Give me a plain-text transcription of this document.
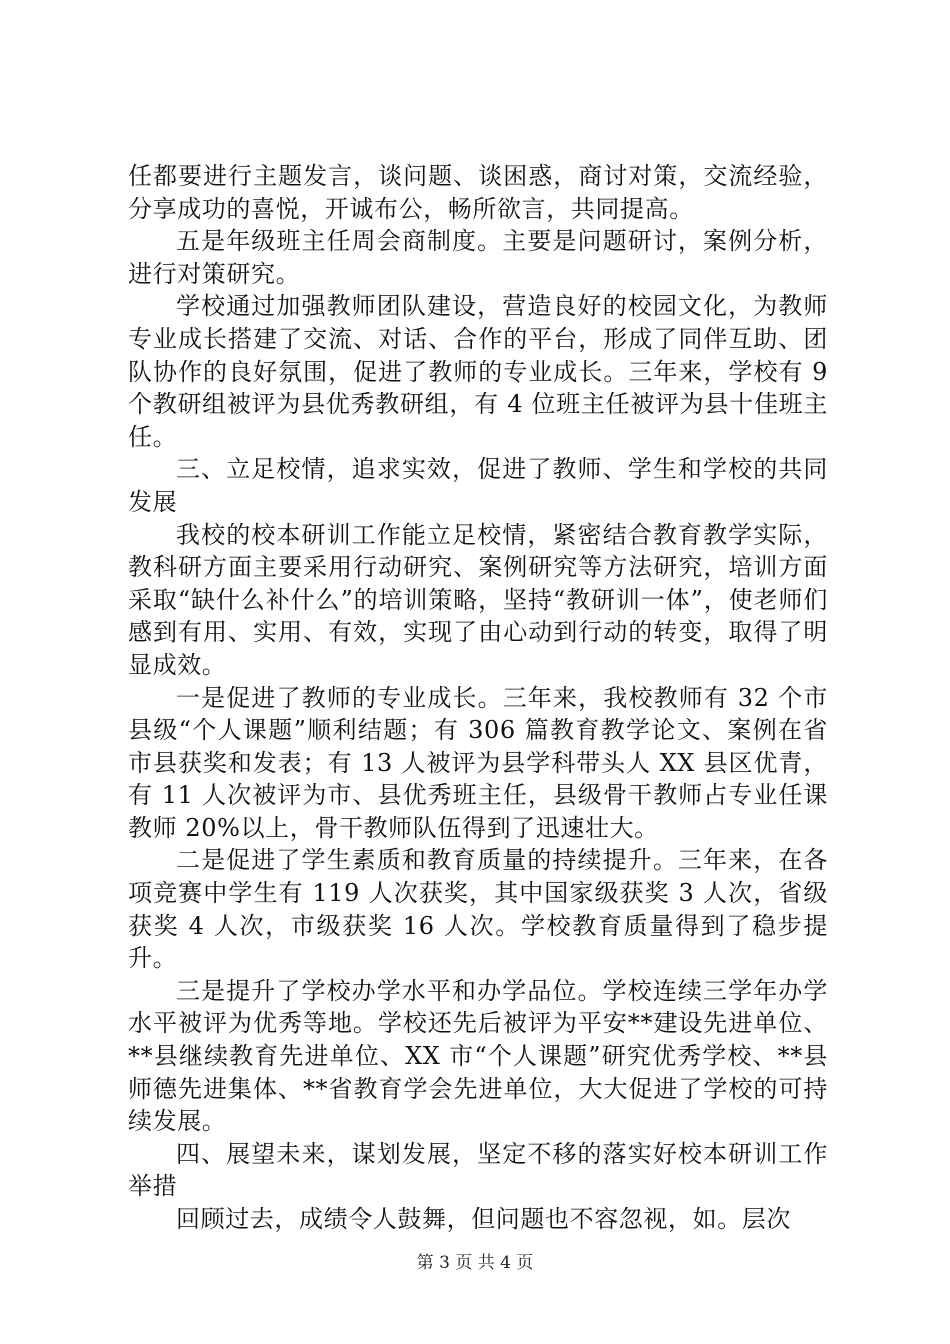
任都要进行主题发言，谈问题、谈困惑，商讨对策，交流经验，分享成功的喜悦，开诚布公，畅所欲言，共同提高。

五是年级班主任周会商制度。主要是问题研讨，案例分析，进行对策研究。

学校通过加强教师团队建设，营造良好的校园文化，为教师专业成长搭建了交流、对话、合作的平台，形成了同伴互助、团队协作的良好氛围，促进了教师的专业成长。三年来，学校有 9 个教研组被评为县优秀教研组，有 4 位班主任被评为县十佳班主任。

三、立足校情，追求实效，促进了教师、学生和学校的共同发展

我校的校本研训工作能立足校情，紧密结合教育教学实际，教科研方面主要采用行动研究、案例研究等方法研究，培训方面采取“缺什么补什么”的培训策略，坚持“教研训一体”，使老师们感到有用、实用、有效，实现了由心动到行动的转变，取得了明显成效。

一是促进了教师的专业成长。三年来，我校教师有 32 个市县级“个人课题”顺利结题；有 306 篇教育教学论文、案例在省市县获奖和发表；有 13 人被评为县学科带头人 XX 县区优青，有 11 人次被评为市、县优秀班主任，县级骨干教师占专业任课教师 20%以上，骨干教师队伍得到了迅速壮大。

二是促进了学生素质和教育质量的持续提升。三年来，在各项竞赛中学生有 119 人次获奖，其中国家级获奖 3 人次，省级获奖 4 人次，市级获奖 16 人次。学校教育质量得到了稳步提升。

三是提升了学校办学水平和办学品位。学校连续三学年办学水平被评为优秀等地。学校还先后被评为平安**建设先进单位、**县继续教育先进单位、XX 市“个人课题”研究优秀学校、**县师德先进集体、**省教育学会先进单位，大大促进了学校的可持续发展。

四、展望未来，谋划发展，坚定不移的落实好校本研训工作举措

回顾过去，成绩令人鼓舞，但问题也不容忽视，如。层次

第 3 页 共 4 页
